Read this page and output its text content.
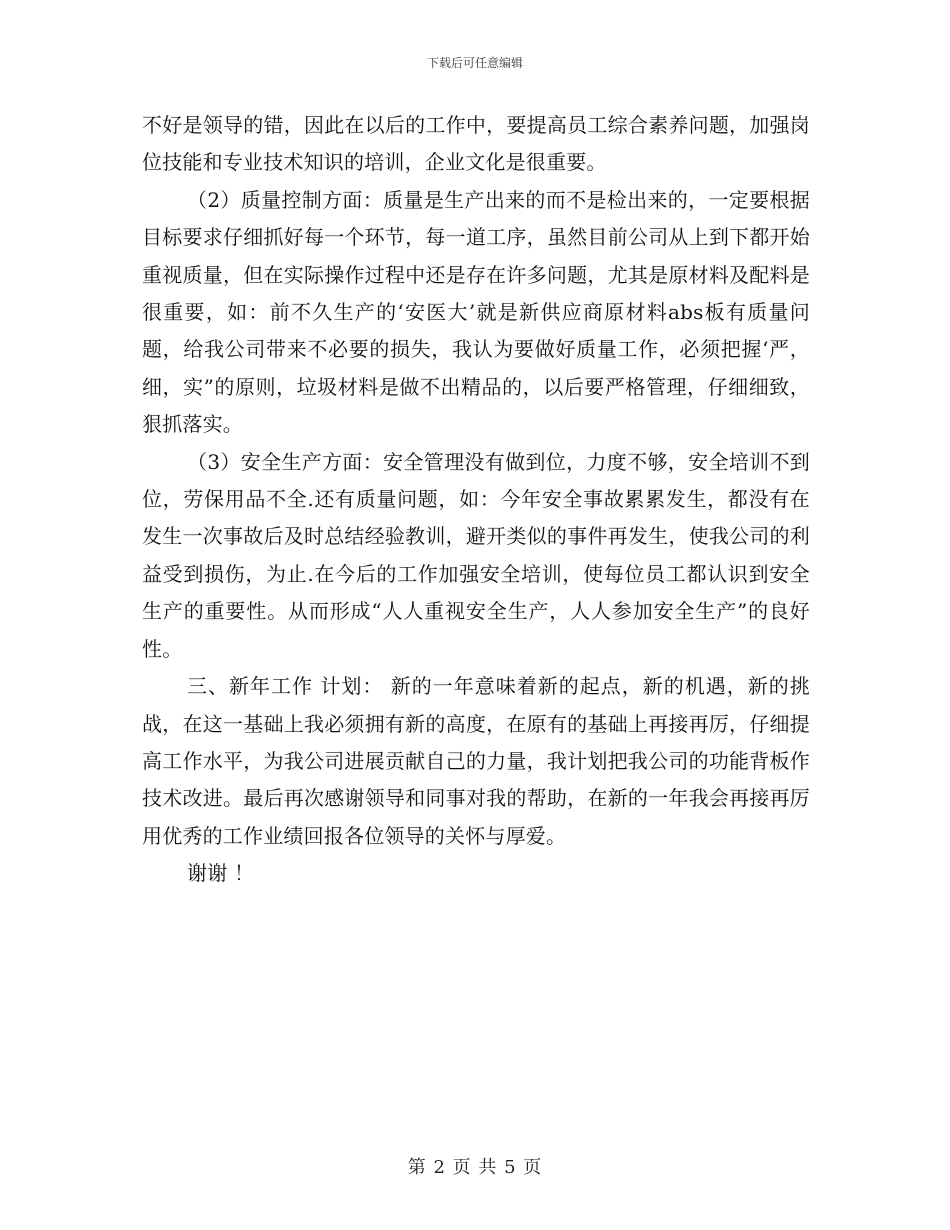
下载后可任意编辑

不好是领导的错，因此在以后的工作中，要提高员工综合素养问题，加强岗位技能和专业技术知识的培训，企业文化是很重要。

（2）质量控制方面：质量是生产出来的而不是检出来的，一定要根据目标要求仔细抓好每一个环节，每一道工序，虽然目前公司从上到下都开始重视质量，但在实际操作过程中还是存在许多问题，尤其是原材料及配料是很重要，如：前不久生产的‘安医大’就是新供应商原材料abs板有质量问题，给我公司带来不必要的损失，我认为要做好质量工作，必须把握‘严，细，实”的原则，垃圾材料是做不出精品的，以后要严格管理，仔细细致，狠抓落实。

（3）安全生产方面：安全管理没有做到位，力度不够，安全培训不到位，劳保用品不全.还有质量问题，如：今年安全事故累累发生，都没有在发生一次事故后及时总结经验教训，避开类似的事件再发生，使我公司的利益受到损伤，为止.在今后的工作加强安全培训，使每位员工都认识到安全生产的重要性。从而形成“人人重视安全生产，人人参加安全生产”的良好性。

三、新年工作 计划： 新的一年意味着新的起点，新的机遇，新的挑战，在这一基础上我必须拥有新的高度，在原有的基础上再接再厉，仔细提高工作水平，为我公司进展贡献自己的力量，我计划把我公司的功能背板作技术改进。最后再次感谢领导和同事对我的帮助，在新的一年我会再接再厉用优秀的工作业绩回报各位领导的关怀与厚爱。

谢谢 ！

第 2 页 共 5 页
